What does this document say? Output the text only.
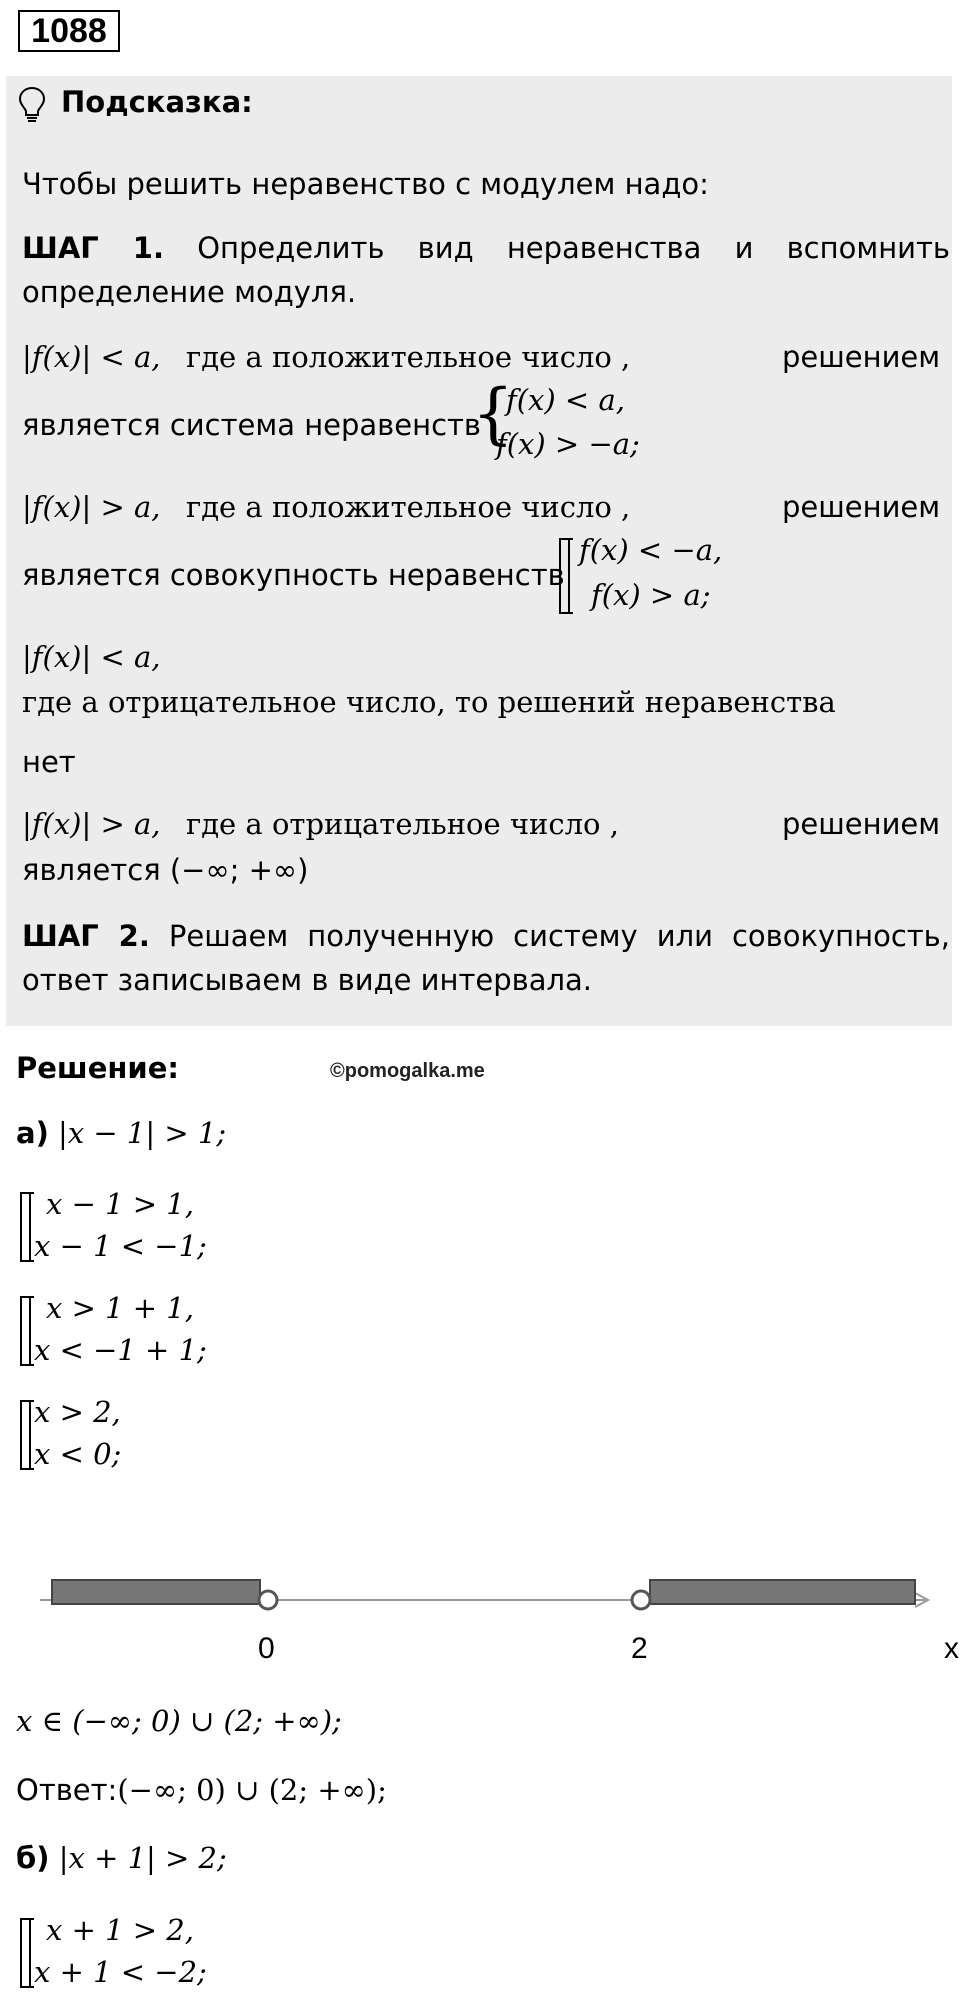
1088
Подсказка:
Чтобы решить неравенство с модулем надо:
ШАГ 1. Определить вид неравенства и вспомнить
определение модуля.
|f(x)| < a, где a положительное число ,	решением
является система неравенств
{
f(x) < a,
f(x) > −a;
|f(x)| > a, где a положительное число ,	решением
является совокупность неравенств
f(x) < −a,
f(x) > a;
|f(x)| < a,
где a отрицательное число, то решений неравенства
нет
|f(x)| > a, где a отрицательное число ,	решением
является (−∞; +∞)
ШАГ 2. Решаем полученную систему или совокупность,
ответ записываем в виде интервала.
Решение:	©pomogalka.me
а) |x − 1| > 1;
x − 1 > 1,
x − 1 < −1;
x > 1 + 1,
x < −1 + 1;
x > 2,
x < 0;
0	2	x
x ∈ (−∞; 0) ∪ (2; +∞);
Ответ:(−∞; 0) ∪ (2; +∞);
б) |x + 1| > 2;
x + 1 > 2,
x + 1 < −2;
